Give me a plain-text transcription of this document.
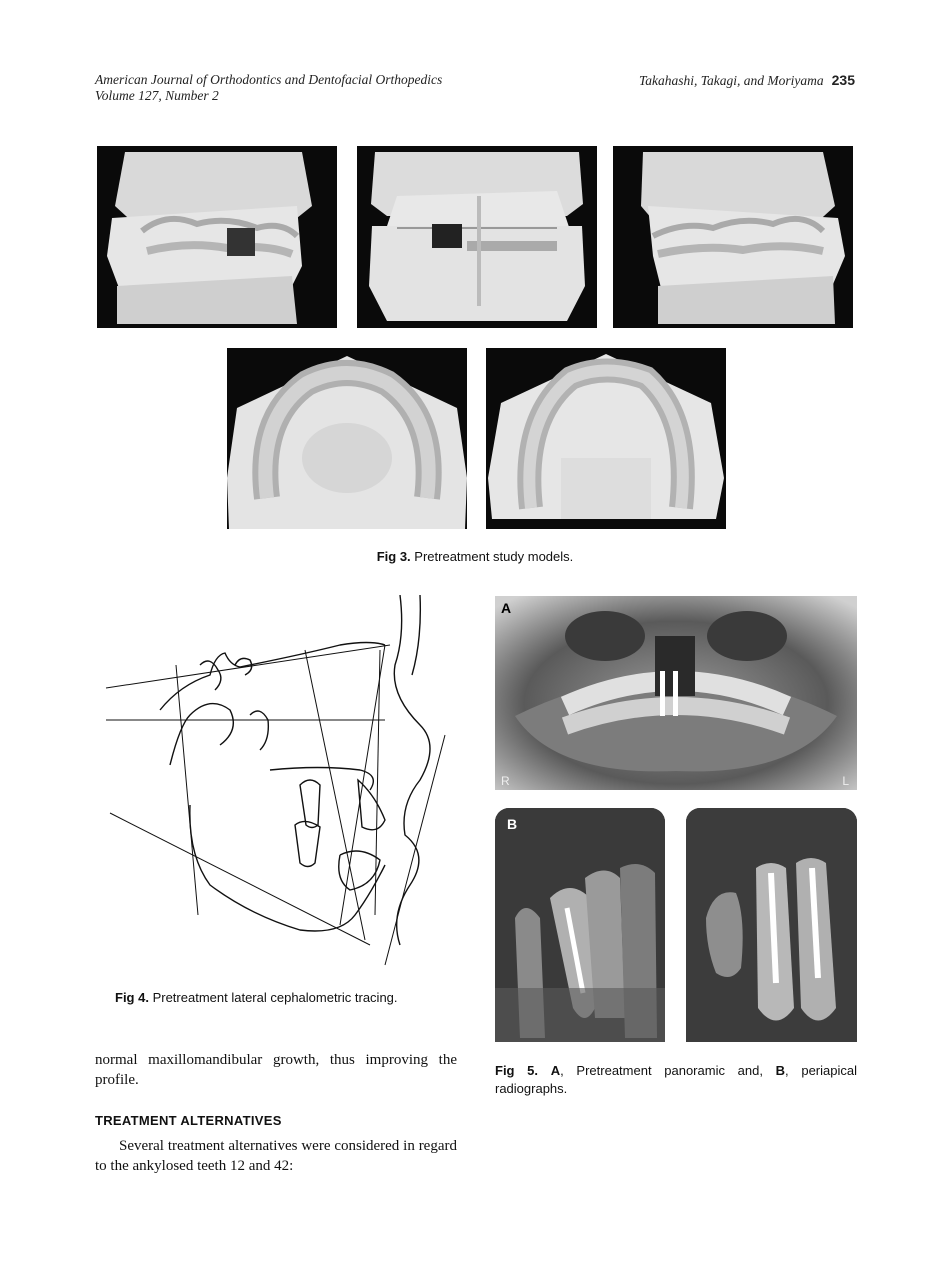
American Journal of Orthodontics and Dentofacial Orthopedics
Volume 127, Number 2
Takahashi, Takagi, and Moriyama 235
Fig 3. Pretreatment study models.
Fig 4. Pretreatment lateral cephalometric tracing.
A
R	L
B
Fig 5. A, Pretreatment panoramic and, B, periapical radiographs.
normal maxillomandibular growth, thus improving the profile.
TREATMENT ALTERNATIVES
Several treatment alternatives were considered in regard to the ankylosed teeth 12 and 42:
